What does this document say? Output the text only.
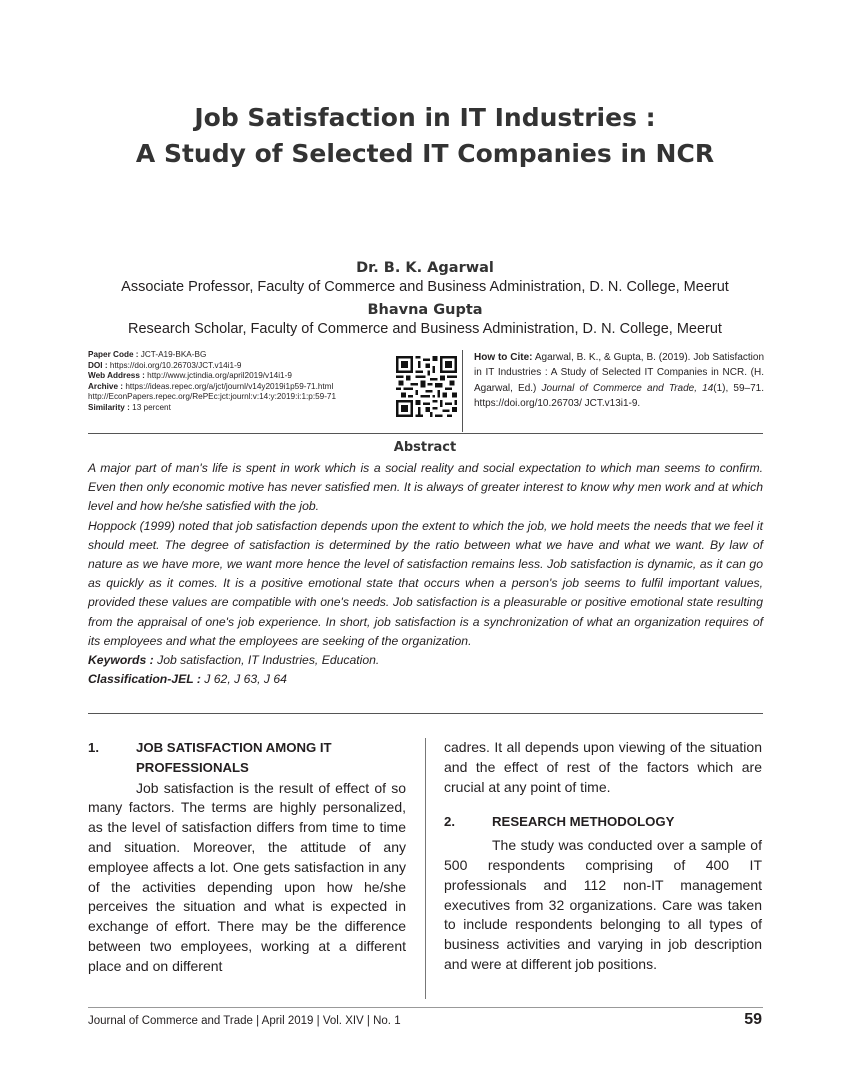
Job Satisfaction in IT Industries :
A Study of Selected IT Companies in NCR
Dr. B. K. Agarwal
Associate Professor, Faculty of Commerce and Business Administration, D. N. College, Meerut
Bhavna Gupta
Research Scholar, Faculty of Commerce and Business Administration, D. N. College, Meerut
Paper Code : JCT-A19-BKA-BG
DOI : https://doi.org/10.26703/JCT.v14i1-9
Web Address : http://www.jctindia.org/april2019/v14i1-9
Archive : https://ideas.repec.org/a/jct/journl/v14y2019i1p59-71.html
http://EconPapers.repec.org/RePEc:jct:journl:v:14:y:2019:i:1:p:59-71
Similarity : 13 percent
How to Cite: Agarwal, B. K., & Gupta, B. (2019). Job Satisfaction in IT Industries : A Study of Selected IT Companies in NCR. (H. Agarwal, Ed.) Journal of Commerce and Trade, 14(1), 59–71. https://doi.org/10.26703/ JCT.v13i1-9.
Abstract

A major part of man's life is spent in work which is a social reality and social expectation to which man seems to confirm. Even then only economic motive has never satisfied men. It is always of greater interest to know why men work and at which level and how he/she satisfied with the job.

Hoppock (1999) noted that job satisfaction depends upon the extent to which the job, we hold meets the needs that we feel it should meet. The degree of satisfaction is determined by the ratio between what we have and what we want. By law of nature as we have more, we want more hence the level of satisfaction remains less. Job satisfaction is dynamic, as it can go as quickly as it comes. It is a positive emotional state that occurs when a person's job seems to fulfil important values, provided these values are compatible with one's needs. Job satisfaction is a pleasurable or positive emotional state resulting from the appraisal of one's job experience. In short, job satisfaction is a synchronization of what an organization requires of its employees and what the employees are seeking of the organization.

Keywords : Job satisfaction, IT Industries, Education.

Classification-JEL : J 62, J 63, J 64

1.	JOB SATISFACTION AMONG IT PROFESSIONALS

Job satisfaction is the result of effect of so many factors. The terms are highly personalized, as the level of satisfaction differs from time to time and situation. Moreover, the attitude of any employee affects a lot. One gets satisfaction in any of the activities depending upon how he/she perceives the situation and what is expected in exchange of effort. There may be the difference between two employees, working at a different place and on different

cadres. It all depends upon viewing of the situation and the effect of rest of the factors which are crucial at any point of time.

2.	RESEARCH METHODOLOGY

The study was conducted over a sample of 500 respondents comprising of 400 IT professionals and 112 non-IT management executives from 32 organizations. Care was taken to include respondents belonging to all types of business activities and varying in job description and were at different job positions.

Journal of Commerce and Trade | April 2019 | Vol. XIV | No. 1	59
